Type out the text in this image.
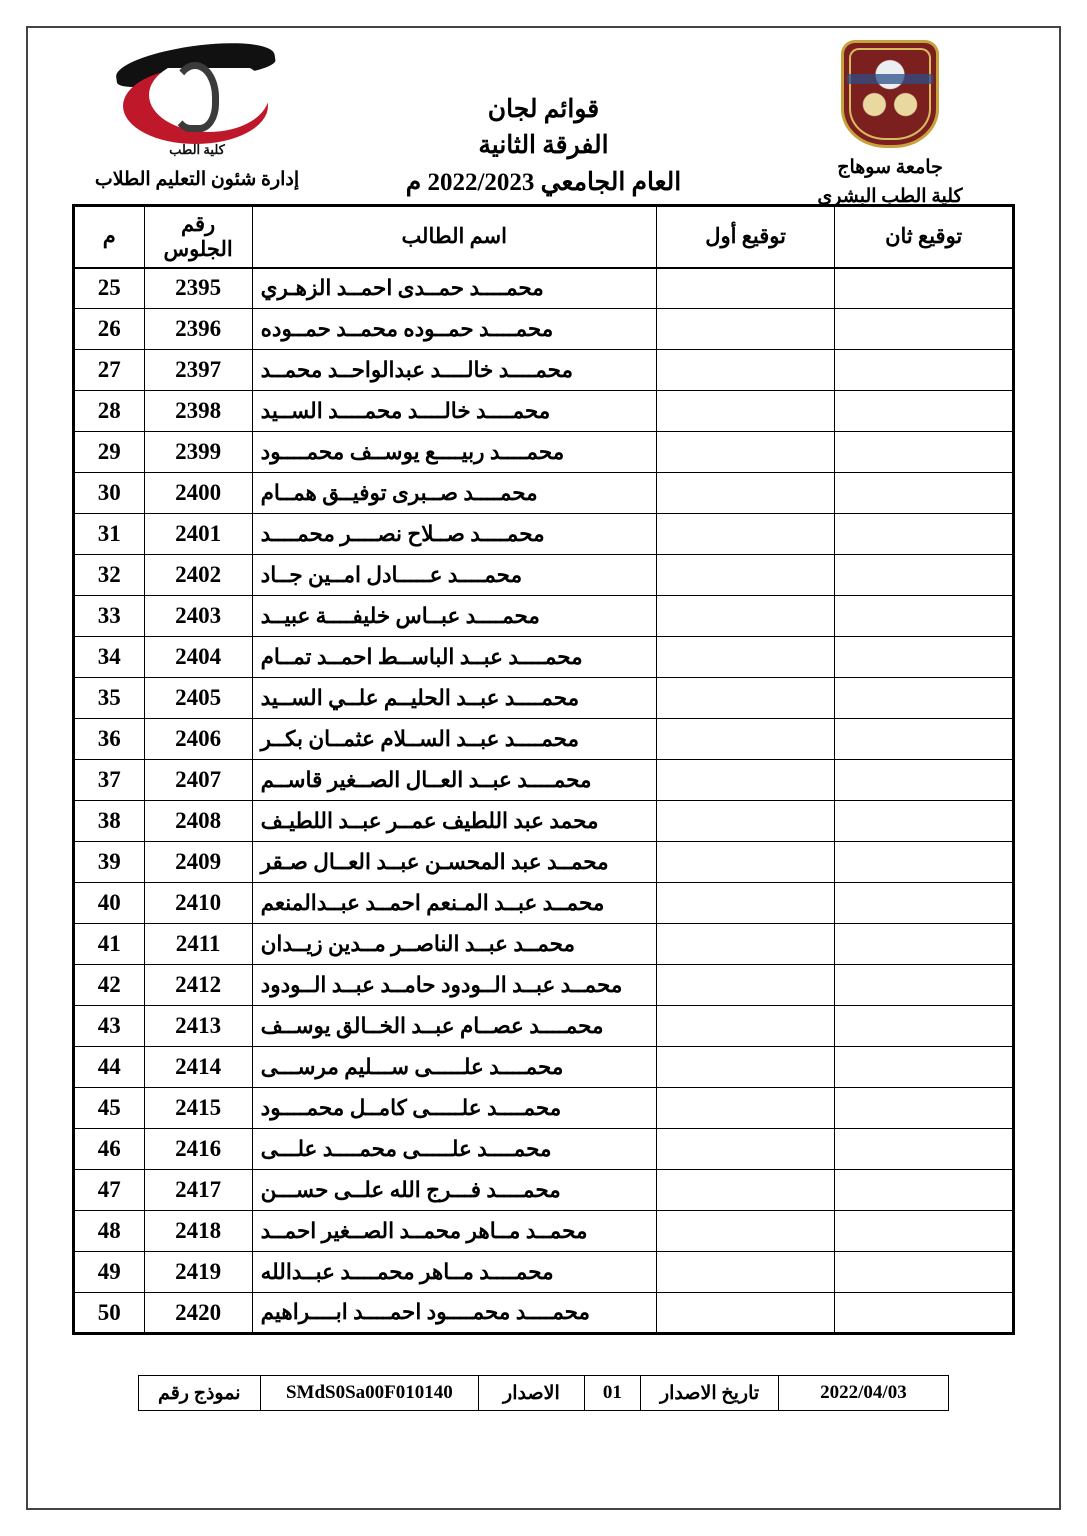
جامعة سوهاج
كلية الطب البشرى
قوائم لجان
الفرقة الثانية
العام الجامعي 2022/2023 م
كلية الطب
إدارة شئون التعليم الطلاب
توقيع ثان	توقيع أول	اسم الطالب	رقم الجلوس	م
		محمــــد حمــدى احمــد الزهـري	2395	25
		محمــــد حمــوده محمــد حمــوده	2396	26
		محمــــد خالــــد عبدالواحــد محمــد	2397	27
		محمــــد خالــــد محمــــد الســيد	2398	28
		محمــــد ربيــــع يوســف محمــــود	2399	29
		محمــــد صــبرى توفيــق همــام	2400	30
		محمــــد صــلاح نصــــر محمــــد	2401	31
		محمــــد عـــــادل امــين جــاد	2402	32
		محمــــد عبــاس خليفــــة عبيــد	2403	33
		محمــــد عبــد الباســط احمــد تمــام	2404	34
		محمــــد عبــد الحليــم علــي الســيد	2405	35
		محمــــد عبــد الســلام عثمــان بكــر	2406	36
		محمــــد عبــد العــال الصــغير قاســم	2407	37
		محمد عبد اللطيف عمــر عبــد اللطيـف	2408	38
		محمــد عبد المحسـن عبــد العــال صـقر	2409	39
		محمــد عبــد المـنعم احمــد عبــدالمنعم	2410	40
		محمــد عبــد الناصــر مــدين زيــدان	2411	41
		محمــد عبــد الــودود حامــد عبــد الــودود	2412	42
		محمــــد عصــام عبــد الخــالق يوســف	2413	43
		محمــــد علـــــى ســـليم مرســـى	2414	44
		محمــــد علـــــى كامــل محمــــود	2415	45
		محمــــد علـــــى محمــــد علـــى	2416	46
		محمــــد فـــرج الله علــى حســـن	2417	47
		محمــد مــاهر محمــد الصــغير احمــد	2418	48
		محمــــد مــاهر محمــــد عبــدالله	2419	49
		محمــــد محمــــود احمــــد ابــــراهيم	2420	50
2022/04/03	تاريخ الاصدار	01	الاصدار	SMdS0Sa00F010140	نموذج رقم
